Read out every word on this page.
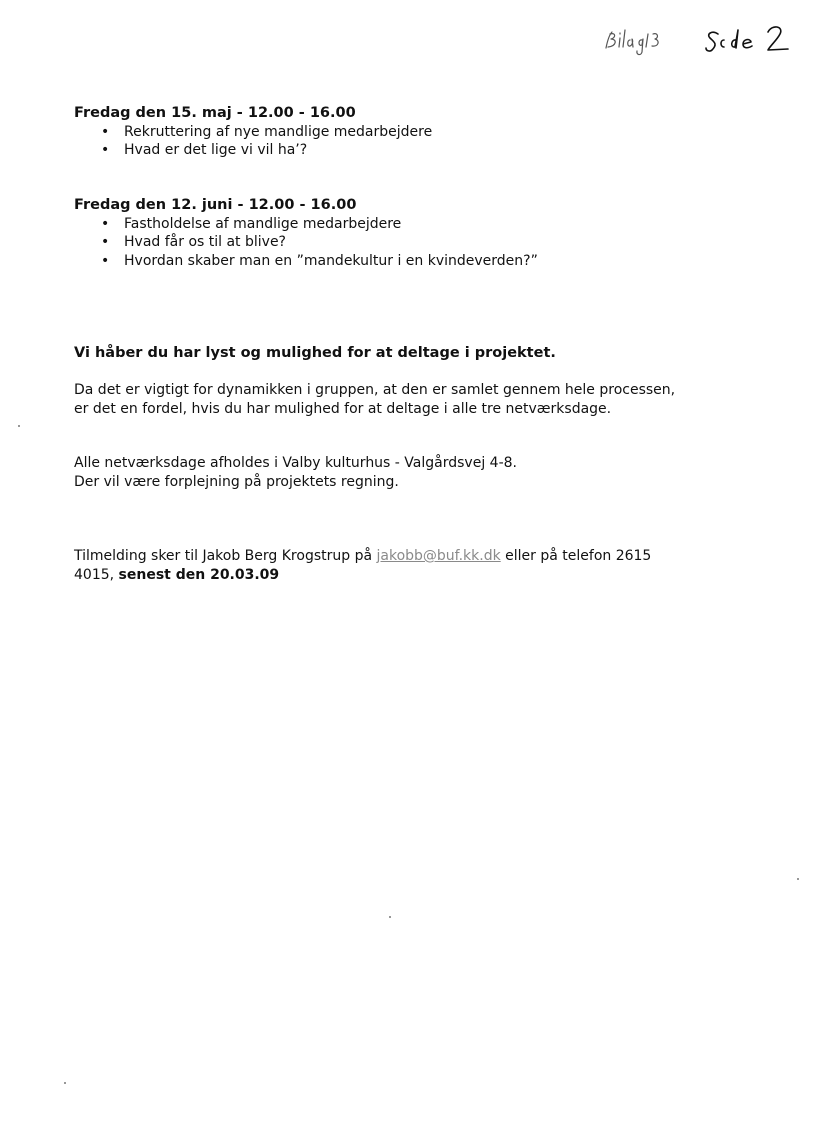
Fredag den 15. maj - 12.00 - 16.00
• Rekruttering af nye mandlige medarbejdere
• Hvad er det lige vi vil ha’?
Fredag den 12. juni - 12.00 - 16.00
• Fastholdelse af mandlige medarbejdere
• Hvad får os til at blive?
• Hvordan skaber man en ”mandekultur i en kvindeverden?”
Vi håber du har lyst og mulighed for at deltage i projektet.
Da det er vigtigt for dynamikken i gruppen, at den er samlet gennem hele processen,
er det en fordel, hvis du har mulighed for at deltage i alle tre netværksdage.
Alle netværksdage afholdes i Valby kulturhus - Valgårdsvej 4-8.
Der vil være forplejning på projektets regning.
Tilmelding sker til Jakob Berg Krogstrup på jakobb@buf.kk.dk eller på telefon 2615
4015, senest den 20.03.09
